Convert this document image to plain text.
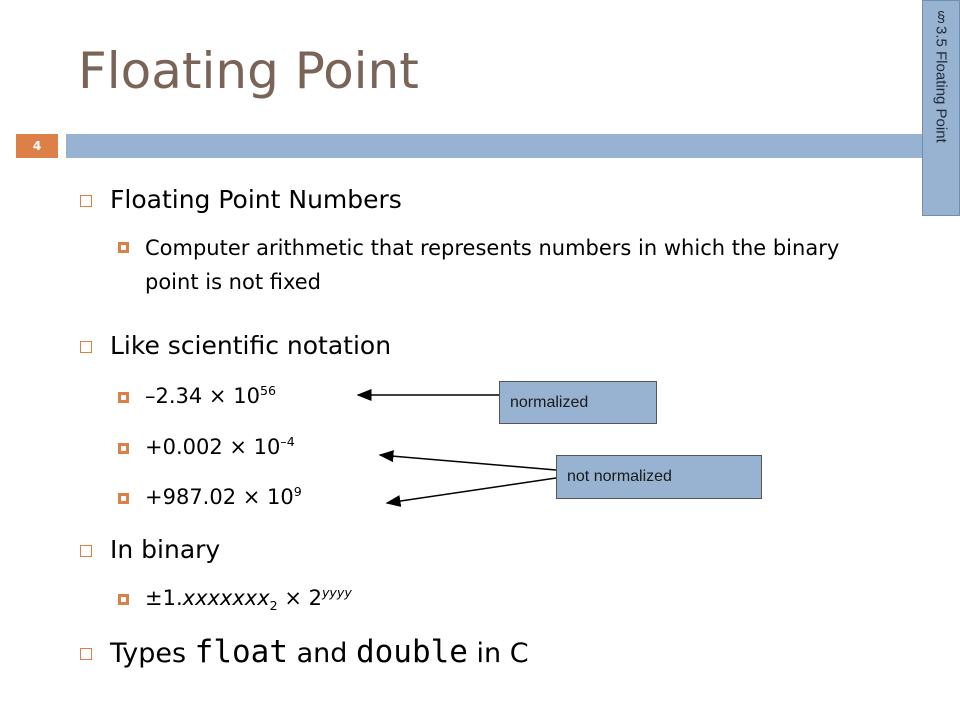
Floating Point
4
§3.5 Floating Point
Floating Point Numbers
Computer arithmetic that represents numbers in which the binary point is not fixed
Like scientific notation
$-2.34 \times 10^{56}$
$+0.002 \times 10^{-4}$
$+987.02 \times 10^9$
In binary
±1.xxxxxxx$_2$ × $2^{yyyy}$
Types float and double in C
normalized
not normalized
